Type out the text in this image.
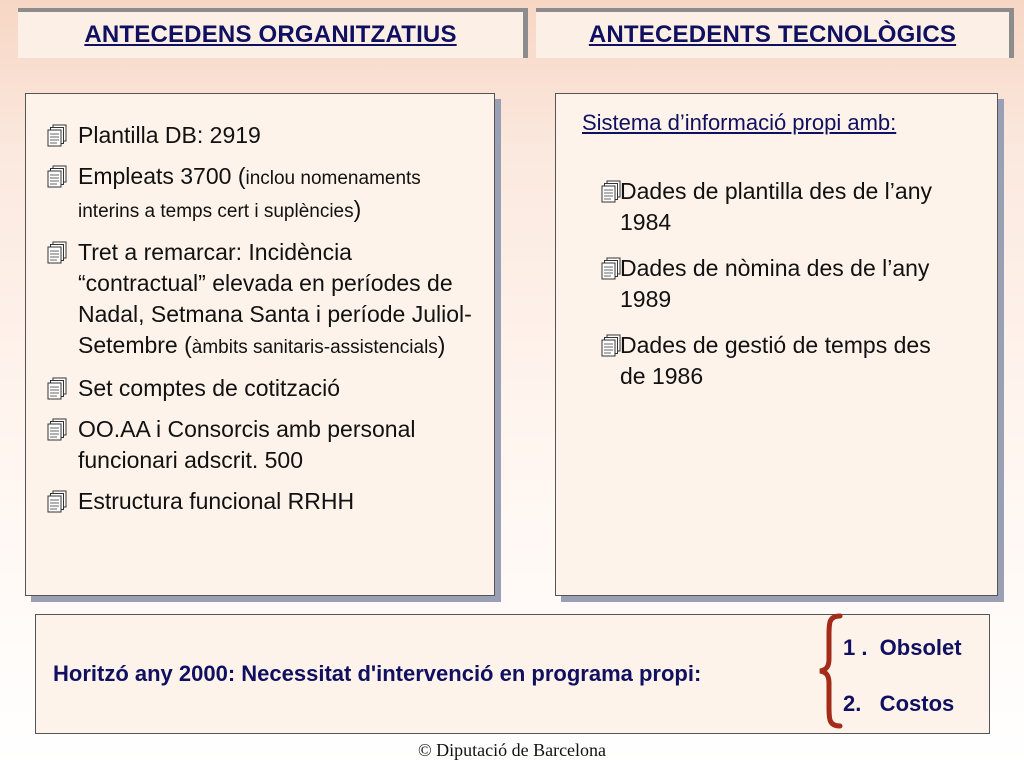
ANTECEDENS ORGANITZATIUS	ANTECEDENTS TECNOLÒGICS
Plantilla DB: 2919
Empleats 3700 (inclou nomenaments interins a temps cert i suplències)
Tret a remarcar: Incidència “contractual” elevada en períodes de Nadal, Setmana Santa i període Juliol-Setembre (àmbits sanitaris-assistencials)
Set comptes de cotització
OO.AA i Consorcis amb personal funcionari adscrit. 500
Estructura funcional RRHH
Sistema d’informació propi amb:
Dades de plantilla des de l’any 1984
Dades de nòmina des de l’any 1989
Dades de gestió de temps des de 1986
Horitzó any 2000: Necessitat d'intervenció en programa propi:
1 .  Obsolet
2.   Costos
© Diputació de Barcelona
